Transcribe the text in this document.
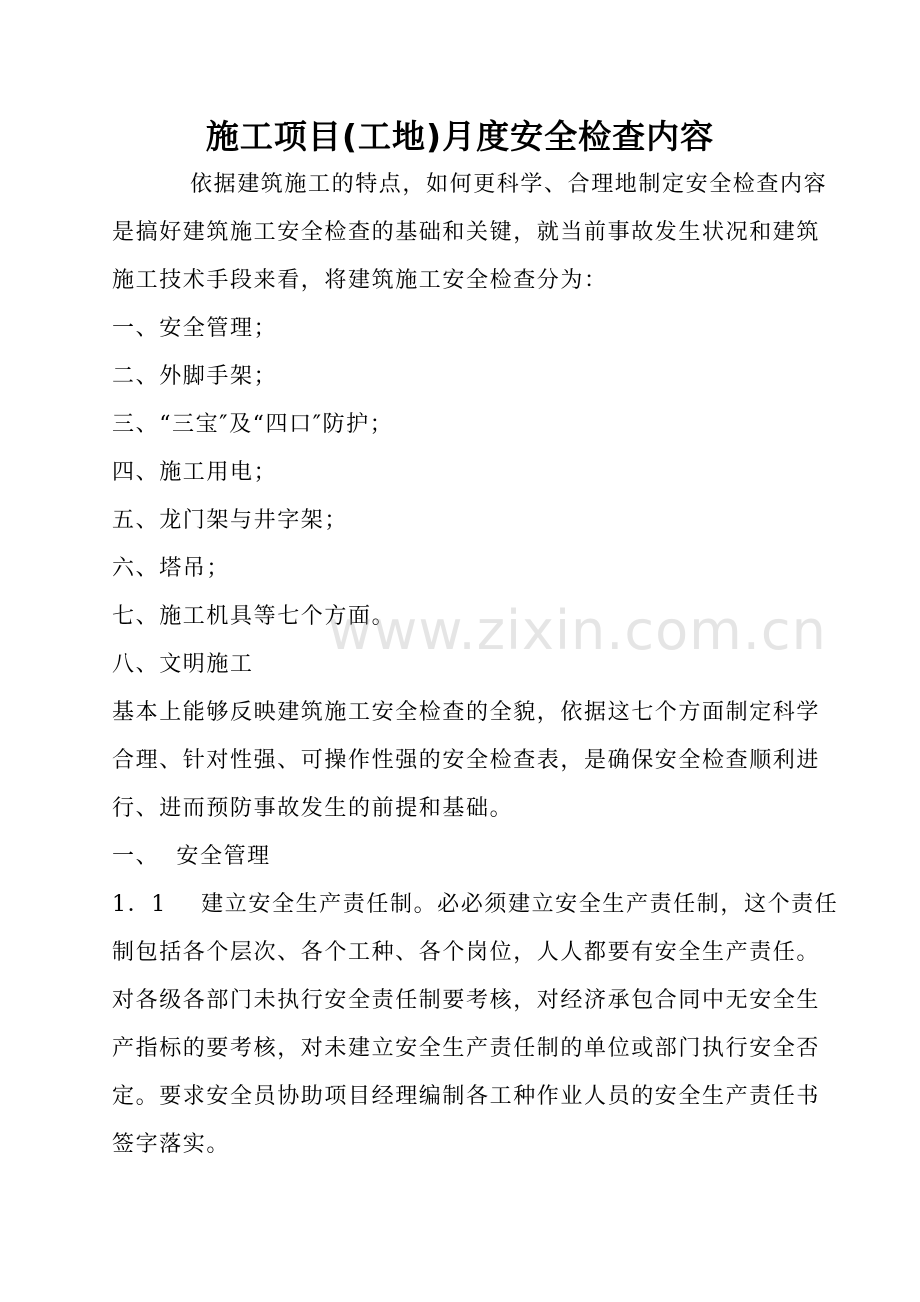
施工项目(工地)月度安全检查内容
依据建筑施工的特点，如何更科学、合理地制定安全检查内容
是搞好建筑施工安全检查的基础和关键，就当前事故发生状况和建筑
施工技术手段来看，将建筑施工安全检查分为：
一、安全管理；
二、外脚手架；
三、“三宝″及“四口″防护；
四、施工用电；
五、龙门架与井字架；
六、塔吊；
七、施工机具等七个方面。
八、文明施工
基本上能够反映建筑施工安全检查的全貌，依据这七个方面制定科学
合理、针对性强、可操作性强的安全检查表，是确保安全检查顺利进
行、进而预防事故发生的前提和基础。
一、  安全管理
1．1    建立安全生产责任制。必必须建立安全生产责任制，这个责任
制包括各个层次、各个工种、各个岗位，人人都要有安全生产责任。
对各级各部门未执行安全责任制要考核，对经济承包合同中无安全生
产指标的要考核，对未建立安全生产责任制的单位或部门执行安全否
定。要求安全员协助项目经理编制各工种作业人员的安全生产责任书
签字落实。
www.zixin.com.cn
